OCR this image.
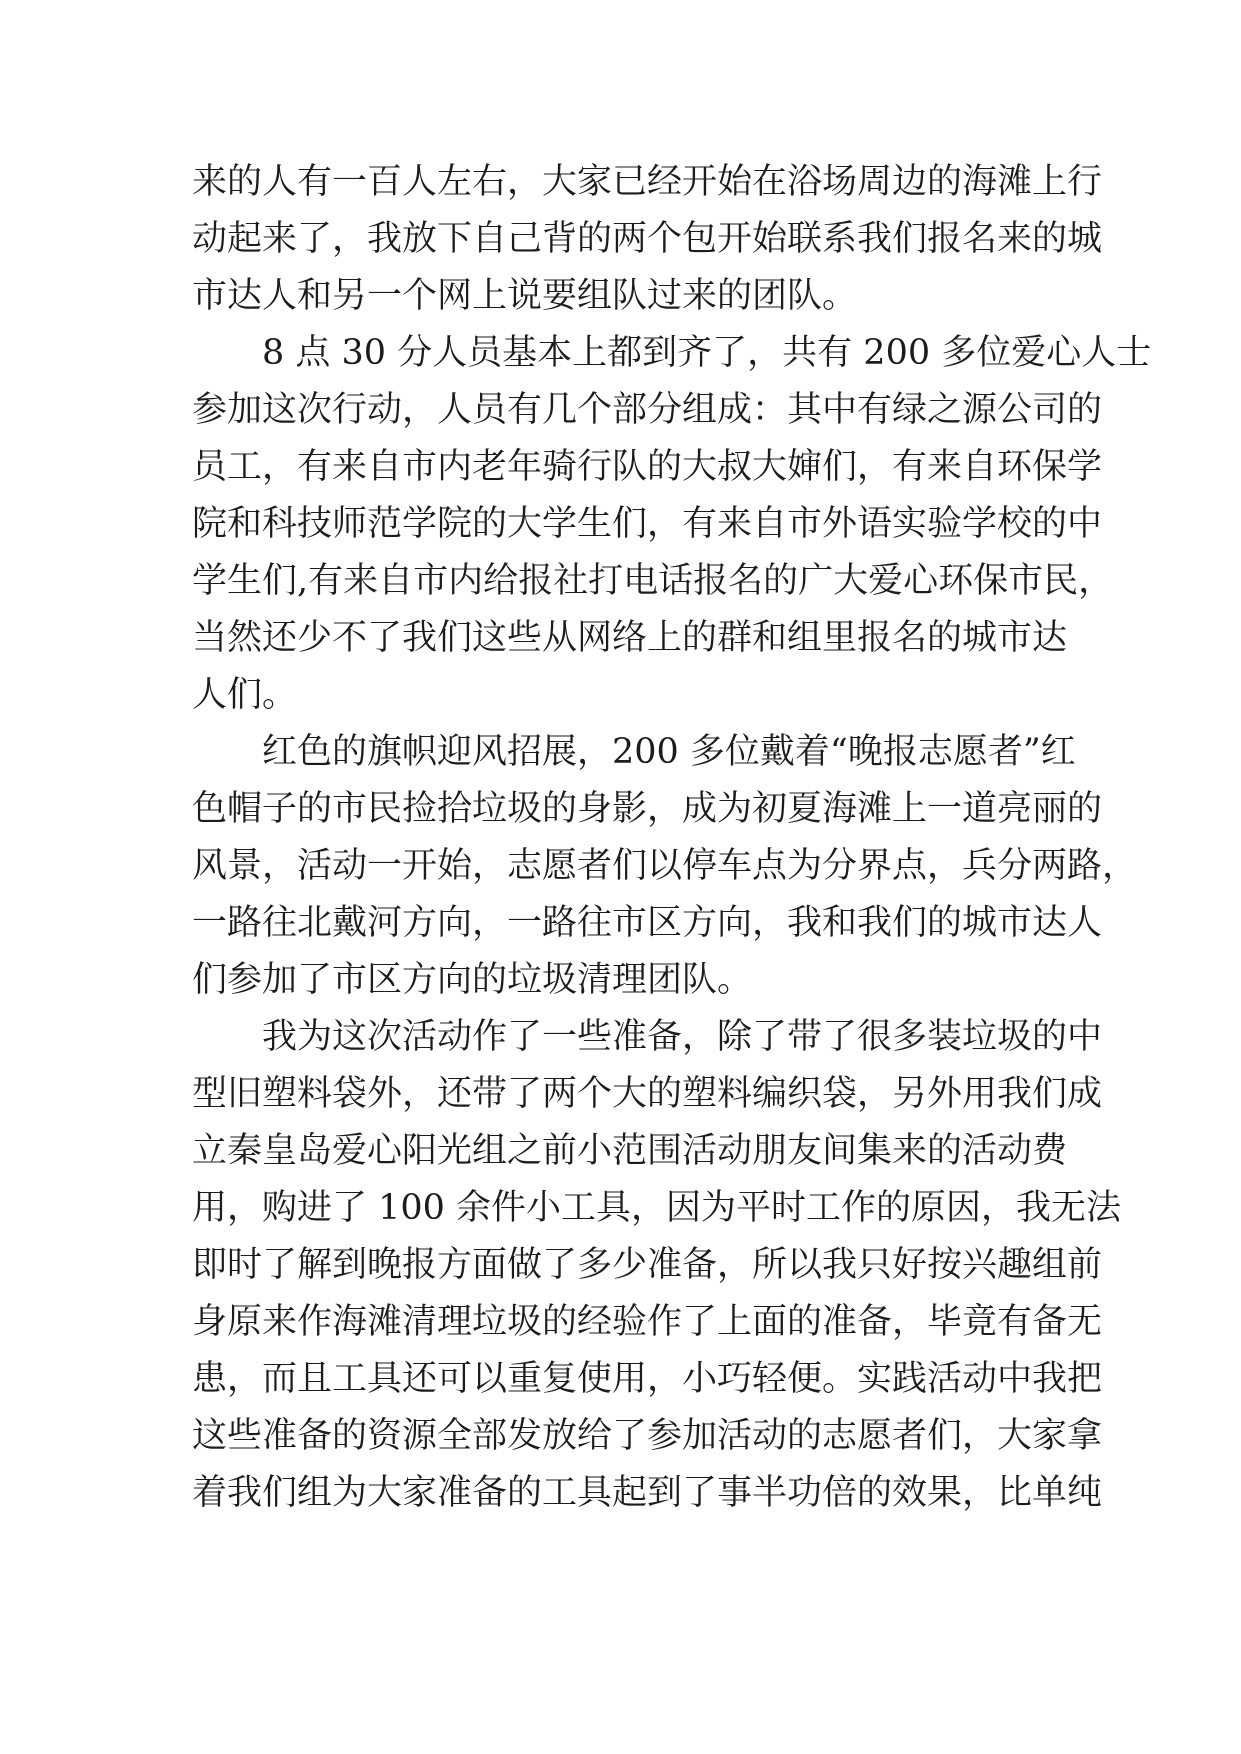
来的人有一百人左右，大家已经开始在浴场周边的海滩上行
动起来了，我放下自己背的两个包开始联系我们报名来的城
市达人和另一个网上说要组队过来的团队。
8 点 30 分人员基本上都到齐了，共有 200 多位爱心人士
参加这次行动，人员有几个部分组成：其中有绿之源公司的
员工，有来自市内老年骑行队的大叔大婶们，有来自环保学
院和科技师范学院的大学生们，有来自市外语实验学校的中
学生们,有来自市内给报社打电话报名的广大爱心环保市民，
当然还少不了我们这些从网络上的群和组里报名的城市达
人们。
红色的旗帜迎风招展，200 多位戴着“晚报志愿者”红
色帽子的市民捡拾垃圾的身影，成为初夏海滩上一道亮丽的
风景，活动一开始，志愿者们以停车点为分界点，兵分两路，
一路往北戴河方向，一路往市区方向，我和我们的城市达人
们参加了市区方向的垃圾清理团队。
我为这次活动作了一些准备，除了带了很多装垃圾的中
型旧塑料袋外，还带了两个大的塑料编织袋，另外用我们成
立秦皇岛爱心阳光组之前小范围活动朋友间集来的活动费
用，购进了 100 余件小工具，因为平时工作的原因，我无法
即时了解到晚报方面做了多少准备，所以我只好按兴趣组前
身原来作海滩清理垃圾的经验作了上面的准备，毕竟有备无
患，而且工具还可以重复使用，小巧轻便。实践活动中我把
这些准备的资源全部发放给了参加活动的志愿者们，大家拿
着我们组为大家准备的工具起到了事半功倍的效果，比单纯
